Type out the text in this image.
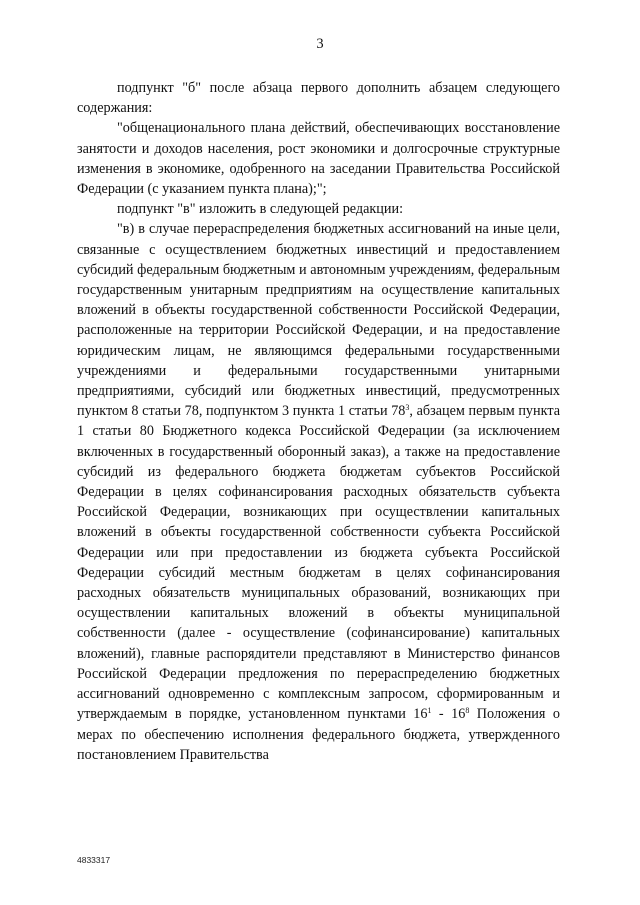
3

подпункт "б" после абзаца первого дополнить абзацем следующего содержания:

"общенационального плана действий, обеспечивающих восстановление занятости и доходов населения, рост экономики и долгосрочные структурные изменения в экономике, одобренного на заседании Правительства Российской Федерации (с указанием пункта плана);";

подпункт "в" изложить в следующей редакции:

"в) в случае перераспределения бюджетных ассигнований на иные цели, связанные с осуществлением бюджетных инвестиций и предоставлением субсидий федеральным бюджетным и автономным учреждениям, федеральным государственным унитарным предприятиям на осуществление капитальных вложений в объекты государственной собственности Российской Федерации, расположенные на территории Российской Федерации, и на предоставление юридическим лицам, не являющимся федеральными государственными учреждениями и федеральными государственными унитарными предприятиями, субсидий или бюджетных инвестиций, предусмотренных пунктом 8 статьи 78, подпунктом 3 пункта 1 статьи $78^3$, абзацем первым пункта 1 статьи 80 Бюджетного кодекса Российской Федерации (за исключением включенных в государственный оборонный заказ), а также на предоставление субсидий из федерального бюджета бюджетам субъектов Российской Федерации в целях софинансирования расходных обязательств субъекта Российской Федерации, возникающих при осуществлении капитальных вложений в объекты государственной собственности субъекта Российской Федерации или при предоставлении из бюджета субъекта Российской Федерации субсидий местным бюджетам в целях софинансирования расходных обязательств муниципальных образований, возникающих при осуществлении капитальных вложений в объекты муниципальной собственности (далее - осуществление (софинансирование) капитальных вложений), главные распорядители представляют в Министерство финансов Российской Федерации предложения по перераспределению бюджетных ассигнований одновременно с комплексным запросом, сформированным и утверждаемым в порядке, установленном пунктами $16^1 - 16^8$ Положения о мерах по обеспечению исполнения федерального бюджета, утвержденного постановлением Правительства

4833317
